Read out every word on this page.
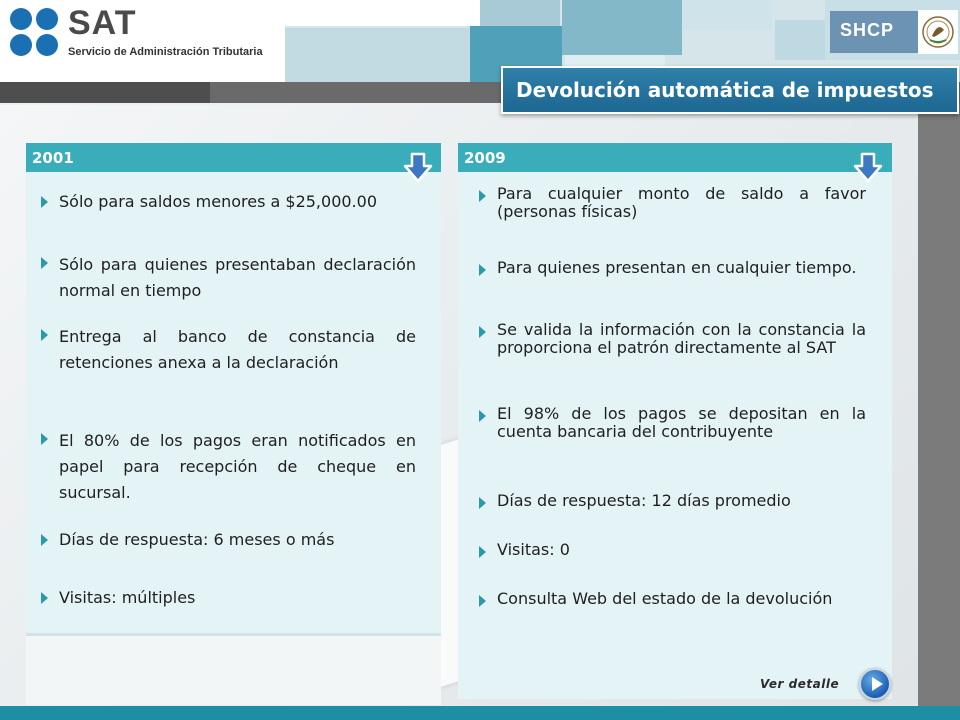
SAT
Servicio de Administración Tributaria
SHCP
Devolución automática de impuestos
2001
Sólo para saldos menores a $25,000.00
Sólo para quienes presentaban declaración normal en tiempo
Entrega al banco de constancia de retenciones anexa a la declaración
El 80% de los pagos eran notificados en papel para recepción de cheque en sucursal.
Días de respuesta: 6 meses o más
Visitas: múltiples
2009
Para cualquier monto de saldo a favor (personas físicas)
Para quienes presentan en cualquier tiempo.
Se valida la información con la constancia la proporciona el patrón directamente al SAT
El 98% de los pagos se depositan en la cuenta bancaria del contribuyente
Días de respuesta: 12 días promedio
Visitas: 0
Consulta Web del estado de la devolución
Ver detalle
